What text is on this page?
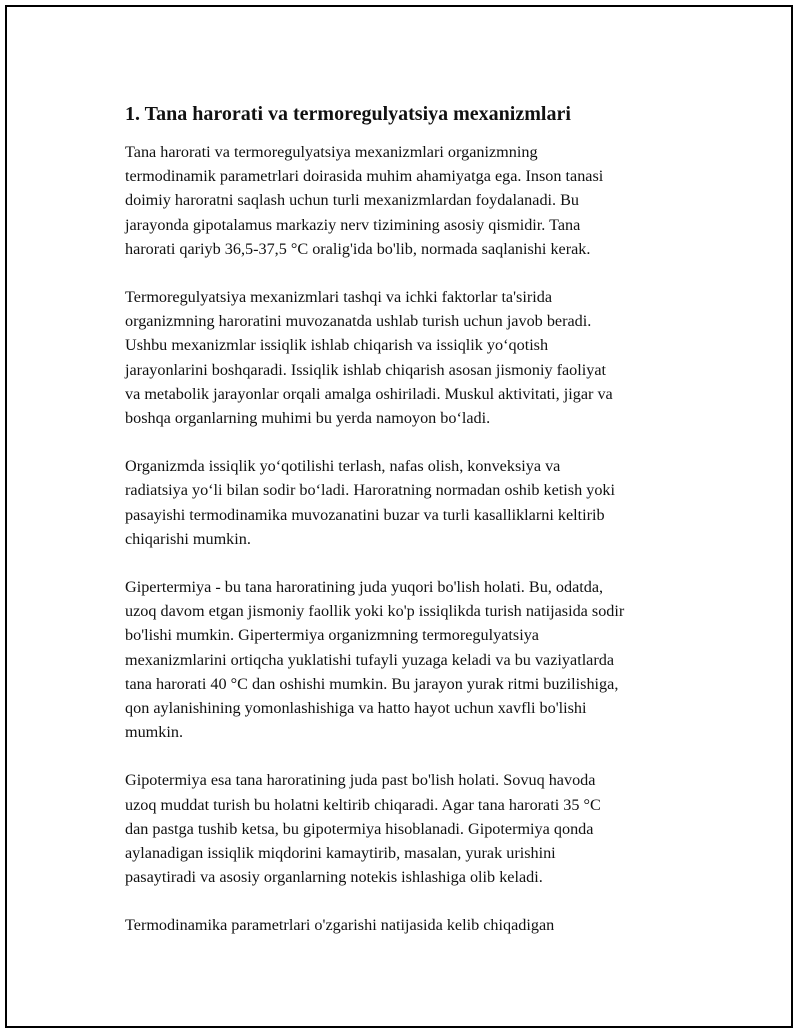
1. Tana harorati va termoregulyatsiya mexanizmlari

Tana harorati va termoregulyatsiya mexanizmlari organizmning
termodinamik parametrlari doirasida muhim ahamiyatga ega. Inson tanasi
doimiy haroratni saqlash uchun turli mexanizmlardan foydalanadi. Bu
jarayonda gipotalamus markaziy nerv tizimining asosiy qismidir. Tana
harorati qariyb 36,5-37,5 °C oralig'ida bo'lib, normada saqlanishi kerak.

Termoregulyatsiya mexanizmlari tashqi va ichki faktorlar ta'sirida
organizmning haroratini muvozanatda ushlab turish uchun javob beradi.
Ushbu mexanizmlar issiqlik ishlab chiqarish va issiqlik yo‘qotish
jarayonlarini boshqaradi. Issiqlik ishlab chiqarish asosan jismoniy faoliyat
va metabolik jarayonlar orqali amalga oshiriladi. Muskul aktivitati, jigar va
boshqa organlarning muhimi bu yerda namoyon bo‘ladi.

Organizmda issiqlik yo‘qotilishi terlash, nafas olish, konveksiya va
radiatsiya yo‘li bilan sodir bo‘ladi. Haroratning normadan oshib ketish yoki
pasayishi termodinamika muvozanatini buzar va turli kasalliklarni keltirib
chiqarishi mumkin.

Gipertermiya - bu tana haroratining juda yuqori bo'lish holati. Bu, odatda,
uzoq davom etgan jismoniy faollik yoki ko'p issiqlikda turish natijasida sodir
bo'lishi mumkin. Gipertermiya organizmning termoregulyatsiya
mexanizmlarini ortiqcha yuklatishi tufayli yuzaga keladi va bu vaziyatlarda
tana harorati 40 °C dan oshishi mumkin. Bu jarayon yurak ritmi buzilishiga,
qon aylanishining yomonlashishiga va hatto hayot uchun xavfli bo'lishi
mumkin.

Gipotermiya esa tana haroratining juda past bo'lish holati. Sovuq havoda
uzoq muddat turish bu holatni keltirib chiqaradi. Agar tana harorati 35 °C
dan pastga tushib ketsa, bu gipotermiya hisoblanadi. Gipotermiya qonda
aylanadigan issiqlik miqdorini kamaytirib, masalan, yurak urishini
pasaytiradi va asosiy organlarning notekis ishlashiga olib keladi.

Termodinamika parametrlari o'zgarishi natijasida kelib chiqadigan
